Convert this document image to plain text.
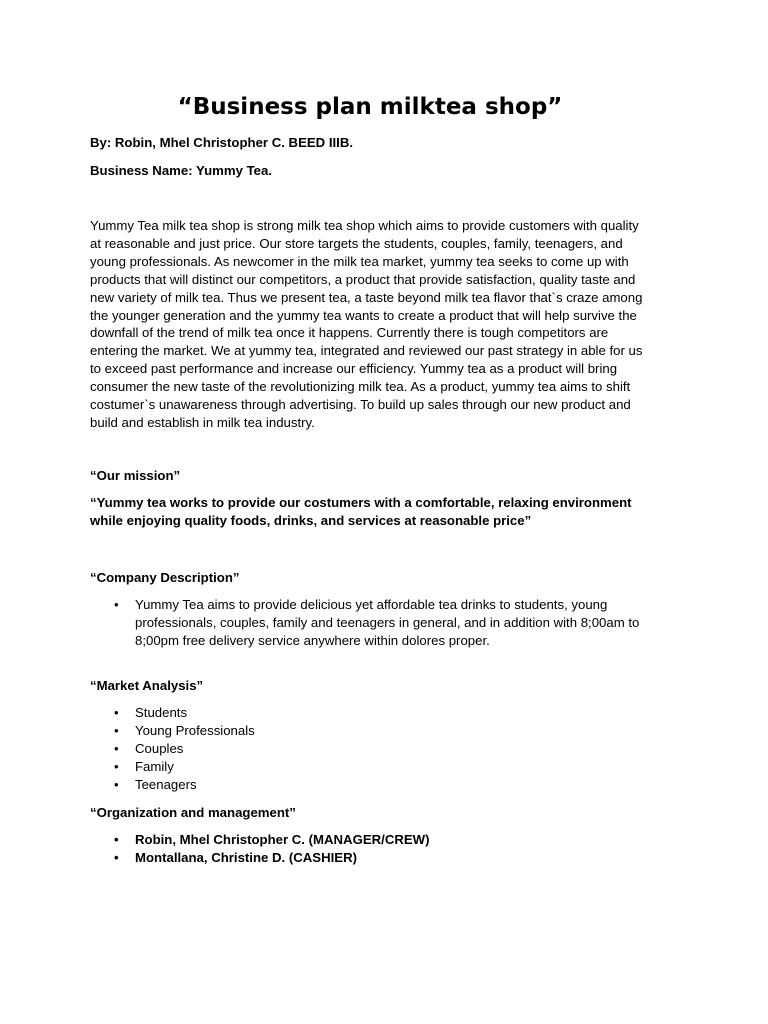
“Business plan milktea shop”

By: Robin, Mhel Christopher C. BEED IIIB.

Business Name: Yummy Tea.

Yummy Tea milk tea shop is strong milk tea shop which aims to provide customers with quality
at reasonable and just price. Our store targets the students, couples, family, teenagers, and
young professionals. As newcomer in the milk tea market, yummy tea seeks to come up with
products that will distinct our competitors, a product that provide satisfaction, quality taste and
new variety of milk tea. Thus we present tea, a taste beyond milk tea flavor that`s craze among
the younger generation and the yummy tea wants to create a product that will help survive the
downfall of the trend of milk tea once it happens. Currently there is tough competitors are
entering the market. We at yummy tea, integrated and reviewed our past strategy in able for us
to exceed past performance and increase our efficiency. Yummy tea as a product will bring
consumer the new taste of the revolutionizing milk tea. As a product, yummy tea aims to shift
costumer`s unawareness through advertising. To build up sales through our new product and
build and establish in milk tea industry.

“Our mission”

“Yummy tea works to provide our costumers with a comfortable, relaxing environment
while enjoying quality foods, drinks, and services at reasonable price”

“Company Description”

• Yummy Tea aims to provide delicious yet affordable tea drinks to students, young
professionals, couples, family and teenagers in general, and in addition with 8;00am to
8;00pm free delivery service anywhere within dolores proper.

“Market Analysis”

• Students
• Young Professionals
• Couples
• Family
• Teenagers

“Organization and management”

• Robin, Mhel Christopher C. (MANAGER/CREW)
• Montallana, Christine D. (CASHIER)
